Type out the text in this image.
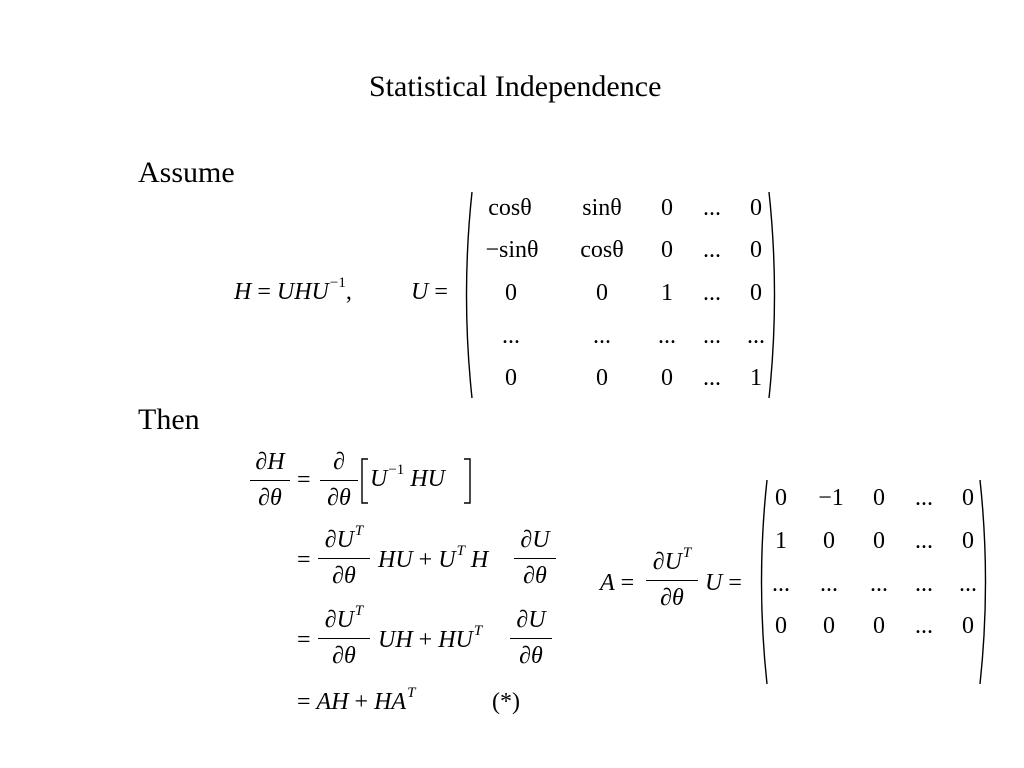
Statistical Independence
Assume
$H = UHU^{-1}$, U =
cosθ	sinθ	0 ... 0
−sinθ	cosθ	0 ... 0
0	0 1 ... 0
...	... ... ... ...
0	0 0 ... 1
Then
∂H
∂θ
=
∂
∂θ
$U^{-1}$ HU
=
$\partial U^T$
∂θ
HU + $U^T$ H
∂U
∂θ
=
$\partial U^T$
∂θ
UH + $HU^T$ ∂U
∂θ
= AH + $HA^T$	(*)
A =
$\partial U^T$
∂θ
U =
0 −1 0 ... 0
1 0 0 ... 0
... ... ... ... ...
0 0 0 ... 0
